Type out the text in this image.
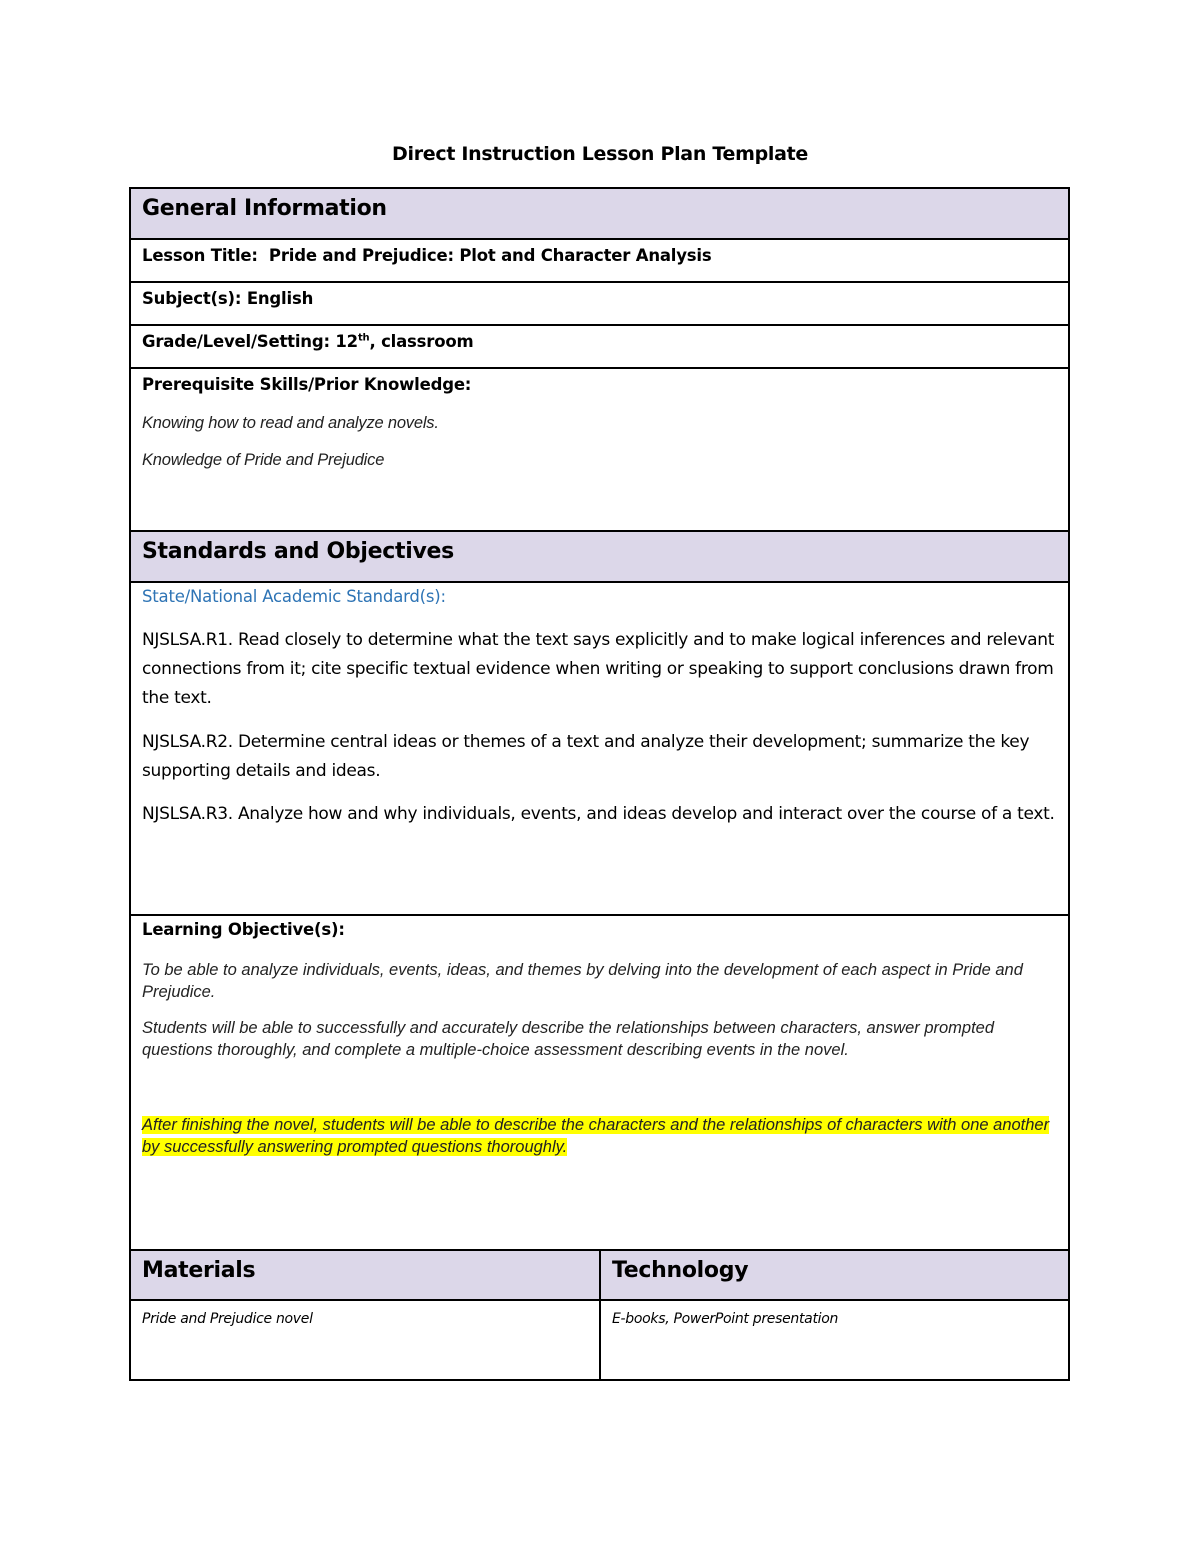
Direct Instruction Lesson Plan Template
General Information
Lesson Title: Pride and Prejudice: Plot and Character Analysis
Subject(s): English
Grade/Level/Setting: 12th, classroom
Prerequisite Skills/Prior Knowledge:
Knowing how to read and analyze novels.
Knowledge of Pride and Prejudice
Standards and Objectives
State/National Academic Standard(s):
NJSLSA.R1. Read closely to determine what the text says explicitly and to make logical inferences and relevant connections from it; cite specific textual evidence when writing or speaking to support conclusions drawn from the text.
NJSLSA.R2. Determine central ideas or themes of a text and analyze their development; summarize the key supporting details and ideas.
NJSLSA.R3. Analyze how and why individuals, events, and ideas develop and interact over the course of a text.
Learning Objective(s):
To be able to analyze individuals, events, ideas, and themes by delving into the development of each aspect in Pride and Prejudice.
Students will be able to successfully and accurately describe the relationships between characters, answer prompted questions thoroughly, and complete a multiple-choice assessment describing events in the novel.
After finishing the novel, students will be able to describe the characters and the relationships of characters with one another by successfully answering prompted questions thoroughly.
Materials	Technology
Pride and Prejudice novel	E-books, PowerPoint presentation
